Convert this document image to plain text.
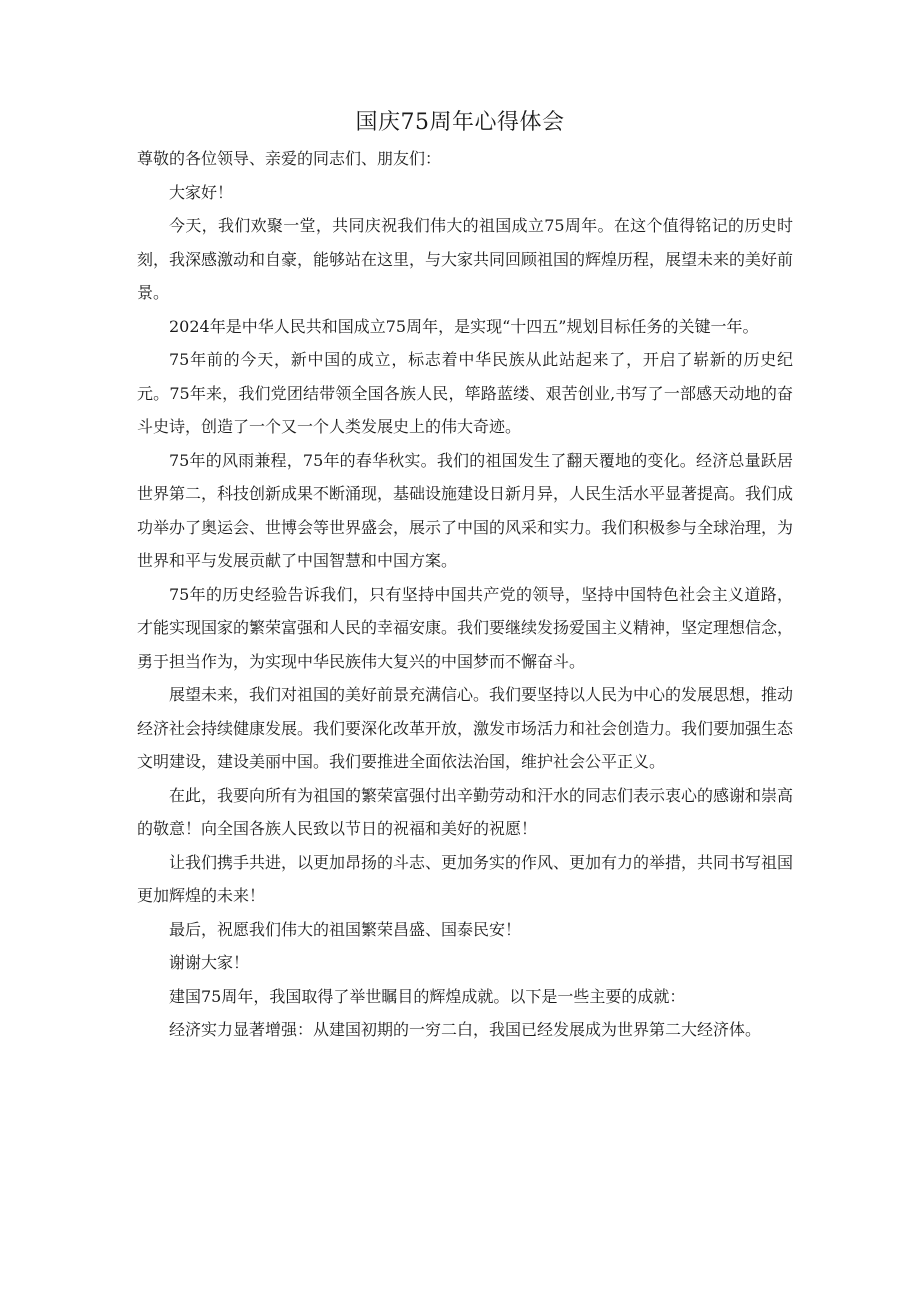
国庆75周年心得体会

尊敬的各位领导、亲爱的同志们、朋友们：

大家好！

今天，我们欢聚一堂，共同庆祝我们伟大的祖国成立75周年。在这个值得铭记的历史时刻，我深感激动和自豪，能够站在这里，与大家共同回顾祖国的辉煌历程，展望未来的美好前景。

2024年是中华人民共和国成立75周年，是实现“十四五”规划目标任务的关键一年。

75年前的今天，新中国的成立，标志着中华民族从此站起来了，开启了崭新的历史纪元。75年来，我们党团结带领全国各族人民，筚路蓝缕、艰苦创业,书写了一部感天动地的奋斗史诗，创造了一个又一个人类发展史上的伟大奇迹。

75年的风雨兼程，75年的春华秋实。我们的祖国发生了翻天覆地的变化。经济总量跃居世界第二，科技创新成果不断涌现，基础设施建设日新月异，人民生活水平显著提高。我们成功举办了奥运会、世博会等世界盛会，展示了中国的风采和实力。我们积极参与全球治理，为世界和平与发展贡献了中国智慧和中国方案。

75年的历史经验告诉我们，只有坚持中国共产党的领导，坚持中国特色社会主义道路，才能实现国家的繁荣富强和人民的幸福安康。我们要继续发扬爱国主义精神，坚定理想信念，勇于担当作为，为实现中华民族伟大复兴的中国梦而不懈奋斗。

展望未来，我们对祖国的美好前景充满信心。我们要坚持以人民为中心的发展思想，推动经济社会持续健康发展。我们要深化改革开放，激发市场活力和社会创造力。我们要加强生态文明建设，建设美丽中国。我们要推进全面依法治国，维护社会公平正义。

在此，我要向所有为祖国的繁荣富强付出辛勤劳动和汗水的同志们表示衷心的感谢和崇高的敬意！向全国各族人民致以节日的祝福和美好的祝愿！

让我们携手共进，以更加昂扬的斗志、更加务实的作风、更加有力的举措，共同书写祖国更加辉煌的未来！

最后，祝愿我们伟大的祖国繁荣昌盛、国泰民安！

谢谢大家！

建国75周年，我国取得了举世瞩目的辉煌成就。以下是一些主要的成就：

经济实力显著增强：从建国初期的一穷二白，我国已经发展成为世界第二大经济体。
